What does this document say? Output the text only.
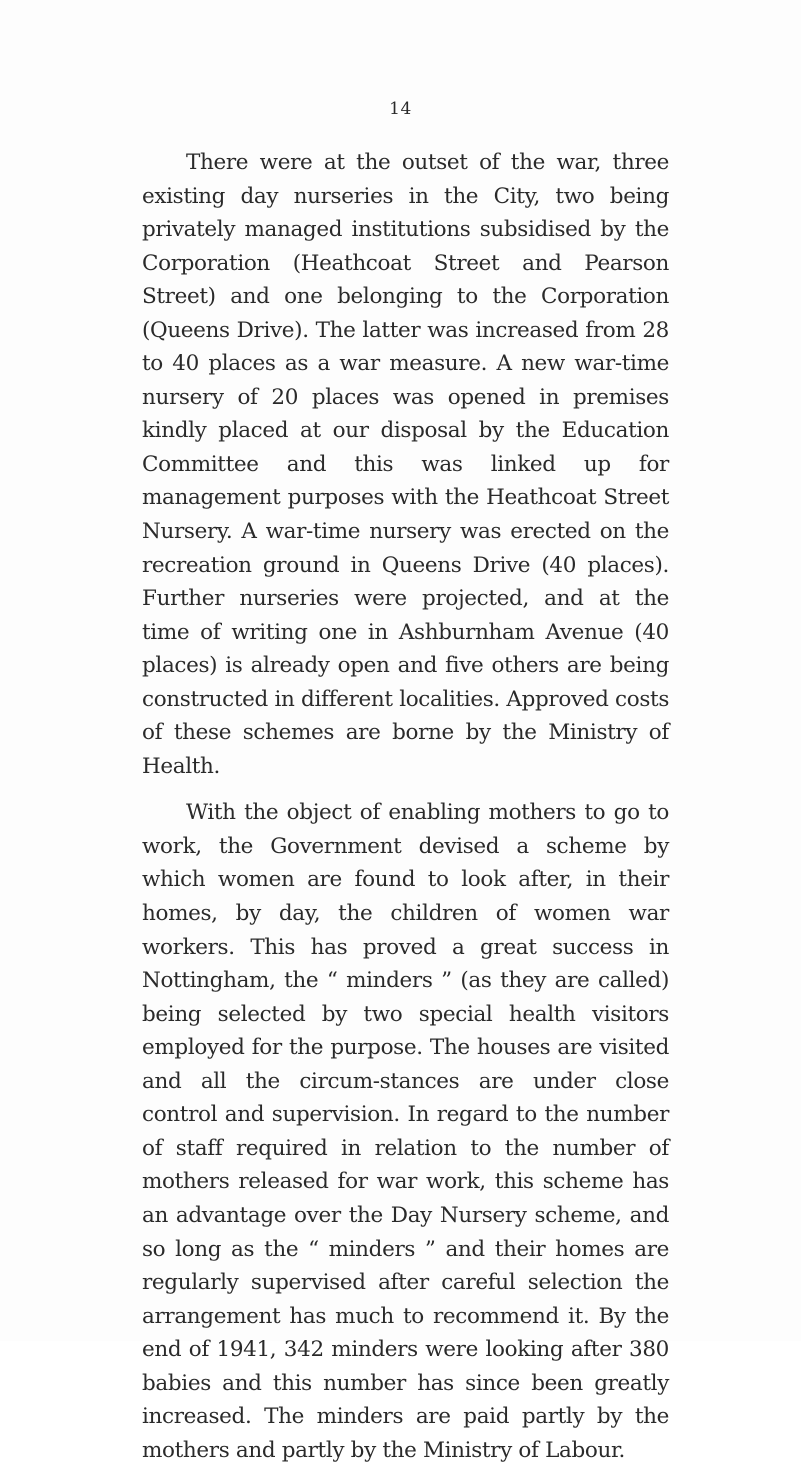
14

There were at the outset of the war, three existing day nurseries in the City, two being privately managed institutions subsidised by the Corporation (Heathcoat Street and Pearson Street) and one belonging to the Corporation (Queens Drive). The latter was increased from 28 to 40 places as a war measure. A new war-time nursery of 20 places was opened in premises kindly placed at our disposal by the Education Committee and this was linked up for management purposes with the Heathcoat Street Nursery. A war-time nursery was erected on the recreation ground in Queens Drive (40 places). Further nurseries were projected, and at the time of writing one in Ashburnham Avenue (40 places) is already open and five others are being constructed in different localities. Approved costs of these schemes are borne by the Ministry of Health.

With the object of enabling mothers to go to work, the Government devised a scheme by which women are found to look after, in their homes, by day, the children of women war workers. This has proved a great success in Nottingham, the “ minders ” (as they are called) being selected by two special health visitors employed for the purpose. The houses are visited and all the circum-stances are under close control and supervision. In regard to the number of staff required in relation to the number of mothers released for war work, this scheme has an advantage over the Day Nursery scheme, and so long as the “ minders ” and their homes are regularly supervised after careful selection the arrangement has much to recommend it. By the end of 1941, 342 minders were looking after 380 babies and this number has since been greatly increased. The minders are paid partly by the mothers and partly by the Ministry of Labour.
